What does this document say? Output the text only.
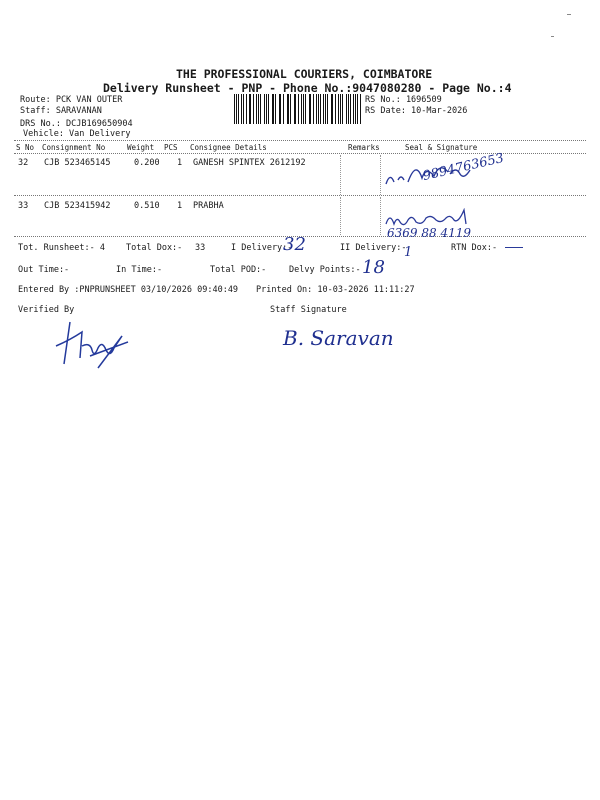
THE PROFESSIONAL COURIERS, COIMBATORE
Delivery Runsheet - PNP - Phone No.:9047080280 - Page No.:4
Route: PCK VAN OUTER
Staff: SARAVANAN
DRS No.: DCJB169650904
Vehicle: Van Delivery
RS No.: 1696509
RS Date: 10-Mar-2026
S No Consignment No	Weight PCS Consignee Details	Remarks	Seal & Signature
32 CJB 523465145	0.200 1 GANESH SPINTEX 2612192
33 CJB 523415942	0.510 1 PRABHA
9894763653
6369 88 4119
Tot. Runsheet:- 4 Total Dox:- 33	I Delivery:-
32	II Delivery:-
1	RTN Dox:-
Out Time:-	In Time:-	Total POD:-	Delvy Points:- 18
Entered By :PNPRUNSHEET 03/10/2026 09:40:49 Printed On: 10-03-2026 11:11:27
Verified By	Staff Signature
B. Saravan
